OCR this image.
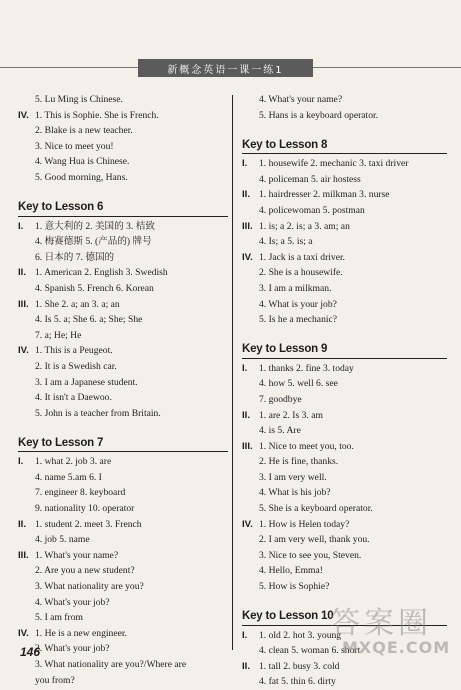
新概念英语一课一练1
5. Lu Ming is Chinese.
IV. 1. This is Sophie. She is French.
2. Blake is a new teacher.
3. Nice to meet you!
4. Wang Hua is Chinese.
5. Good morning, Hans.
Key to Lesson 6
I. 1. 意大利的 2. 美国的 3. 桔致
4. 梅赛德斯 5. (产品的) 牌号
6. 日本的 7. 德国的
II. 1. American 2. English 3. Swedish
4. Spanish 5. French 6. Korean
III. 1. She 2. a; an 3. a; an
4. Is 5. a; She 6. a; She; She
7. a; He; He
IV. 1. This is a Peugeot.
2. It is a Swedish car.
3. I am a Japanese student.
4. It isn't a Daewoo.
5. John is a teacher from Britain.
Key to Lesson 7
I. 1. what 2. job 3. are
4. name 5.am 6. I
7. engineer 8. keyboard
9. nationality 10. operator
II. 1. student 2. meet 3. French
4. job 5. name
III. 1. What's your name?
2. Are you a new student?
3. What nationality are you?
4. What's your job?
5. I am from
IV. 1. He is a new engineer.
2. What's your job?
3. What nationality are you?/Where are
you from?
4. What's your name?
5. Hans is a keyboard operator.
Key to Lesson 8
I. 1. housewife 2. mechanic 3. taxi driver
4. policeman 5. air hostess
II. 1. hairdresser 2. milkman 3. nurse
4. policewoman 5. postman
III. 1. is; a 2. is; a 3. am; an
4. Is; a 5. is; a
IV. 1. Jack is a taxi driver.
2. She is a housewife.
3. I am a milkman.
4. What is your job?
5. Is he a mechanic?
Key to Lesson 9
I. 1. thanks 2. fine 3. today
4. how 5. well 6. see
7. goodbye
II. 1. are 2. Is 3. am
4. is 5. Are
III. 1. Nice to meet you, too.
2. He is fine, thanks.
3. I am very well.
4. What is his job?
5. She is a keyboard operator.
IV. 1. How is Helen today?
2. I am very well, thank you.
3. Nice to see you, Steven.
4. Hello, Emma!
5. How is Sophie?
Key to Lesson 10
I. 1. old 2. hot 3. young
4. clean 5. woman 6. short
II. 1. tall 2. busy 3. cold
4. fat 5. thin 6. dirty
146
答案圈
MXQE.COM
